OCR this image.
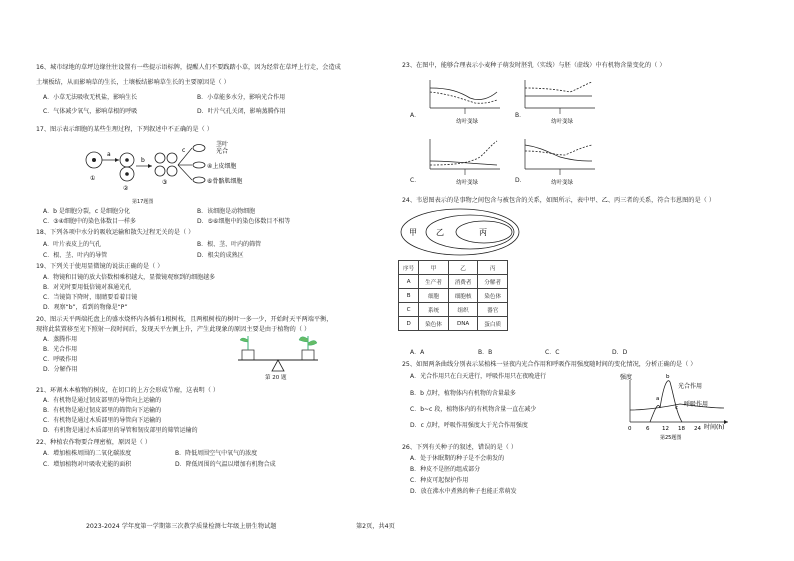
16、城市绿地的草坪边缘往往设置有一些提示语标牌，提醒人们不要践踏小草，因为经常在草坪上行走，会造成
土壤板结，从而影响草的生长，土壤板结影响草生长的主要原因是（ ）
A．小草无法吸收无机盐，影响生长	B．小草能多水分，影响光合作用
C．气体减少氧气，影响草根的呼吸	D．叶片气孔关闭，影响蒸腾作用
17、图示表示细胞的某些生理过程，下列叙述中不正确的是（ ）
a
b
c
茎叶
光合
④上皮细胞
⑥骨骼肌细胞
①
②
③
第17题图
A．b 是细胞分裂，c 是细胞分化	B．该细胞是动物细胞
C．③④细胞中的染色体数目一样多	D．⑤⑥细胞中的染色体数目不相等
18、下列各项中水分的吸收运输和散失过程无关的是（ ）
A．叶片表皮上的气孔	B．根、茎、叶内的筛管
C．根、茎、叶内的导管	D．根尖的成熟区
19、下列关于使用显微镜的说法正确的是（ ）
A．物镜和目镜的放大倍数相乘积越大，显微镜观察到的细胞越多
B．对光时要用低倍镜对准通光孔
C．当镜筒下降时，眼睛要看着目镜
D．观察“b”，看到的物像是“P”
20、图示天平两端托盘上的盛水烧杯内各插有1根树枝，且两根树枝的树叶一多一少，开始时天平两端平衡，
现将此装置移至光下照射一段时间后，发现天平左侧上升，产生此现象的原因主要是由于植物的（ ）
A．蒸腾作用
B．光合作用
C．呼吸作用
D．分解作用
第 20 题
21、环割木本植物的树皮，在切口的上方会形成节瘤，这表明（ ）
A．有机物是通过韧皮部里的导管向上运输的
B．有机物是通过韧皮部里的筛管向下运输的
C．有机物是通过木质部里的导管向下运输的
D．有机物是通过木质部里的导管和韧皮部里的筛管运输的
22、种植农作物要合理密植，原因是（ ）
A．增加植株周围的二氧化碳浓度	B．降低周围空气中氧气的浓度
C．增加植物对叶吸收光能的面积	D．降低周围的气温以增加有机物合成
23、在图中，能够合理表示小麦种子萌发时胚乳（实线）与胚（虚线）中有机物含量变化的（ ）
幼叶变绿
A．
幼叶变绿
B．
幼叶变绿
C．	幼叶变绿
D．
24、韦恩图表示的是事物之间包含与被包含的关系，如图所示，表中甲、乙、丙三者的关系，符合韦恩图的是（ ）
甲 乙	丙
序号	甲	乙	丙
A	生产者	消费者	分解者
B	细胞	细胞核	染色体
C	系统	组织	器官
D	染色体	DNA	蛋白质
A．A	B．B	C．C	D．D
25、如图两条曲线分别表示某植株一昼夜内光合作用和呼吸作用强度随时间的变化情况，分析正确的是（ ）
A．光合作用只在白天进行，呼吸作用只在夜晚进行
B．b 点时，植物体内有机物的含量最多
C．b~c 段，植物体内的有机物含量一直在减少
D．c 点时，呼吸作用强度大于光合作用强度
强度
a
b
c
光合作用
呼吸作用
时间(h)
0	6 12 18 24
第25题图
26、下列有关种子的叙述，错误的是（ ）
A．处于休眠期的种子是不会萌发的
B．种皮不是胚的组成部分
C．种皮可起保护作用
D．放在沸水中煮熟的种子也能正常萌发
2023-2024 学年度第一学期第三次教学质量检测七年级上册生物试题	第2页，共4页
